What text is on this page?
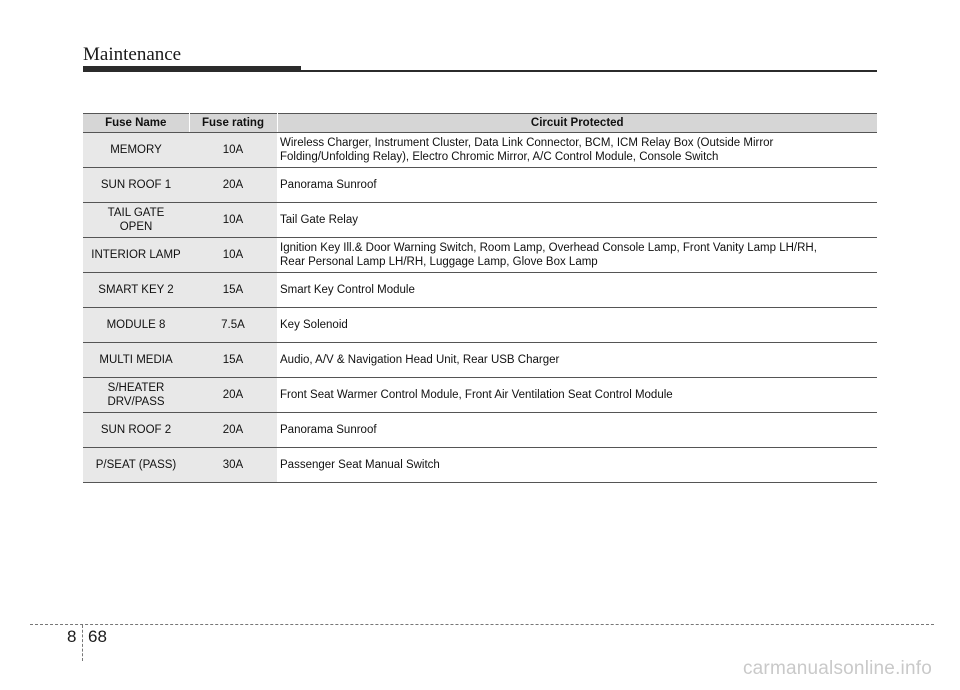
Maintenance
Fuse Name	Fuse rating	Circuit Protected

MEMORY	10A	Wireless Charger, Instrument Cluster, Data Link Connector, BCM, ICM Relay Box (Outside Mirror
Folding/Unfolding Relay), Electro Chromic Mirror, A/C Control Module, Console Switch

SUN ROOF 1	20A	Panorama Sunroof

TAIL GATE
OPEN	10A	Tail Gate Relay

INTERIOR LAMP	10A	Ignition Key Ill.& Door Warning Switch, Room Lamp, Overhead Console Lamp, Front Vanity Lamp LH/RH,
Rear Personal Lamp LH/RH, Luggage Lamp, Glove Box Lamp

SMART KEY 2	15A	Smart Key Control Module

MODULE 8	7.5A	Key Solenoid

MULTI MEDIA	15A	Audio, A/V & Navigation Head Unit, Rear USB Charger

S/HEATER
DRV/PASS	20A	Front Seat Warmer Control Module, Front Air Ventilation Seat Control Module

SUN ROOF 2	20A	Panorama Sunroof

P/SEAT (PASS)	30A	Passenger Seat Manual Switch
8 68
carmanualsonline.info
